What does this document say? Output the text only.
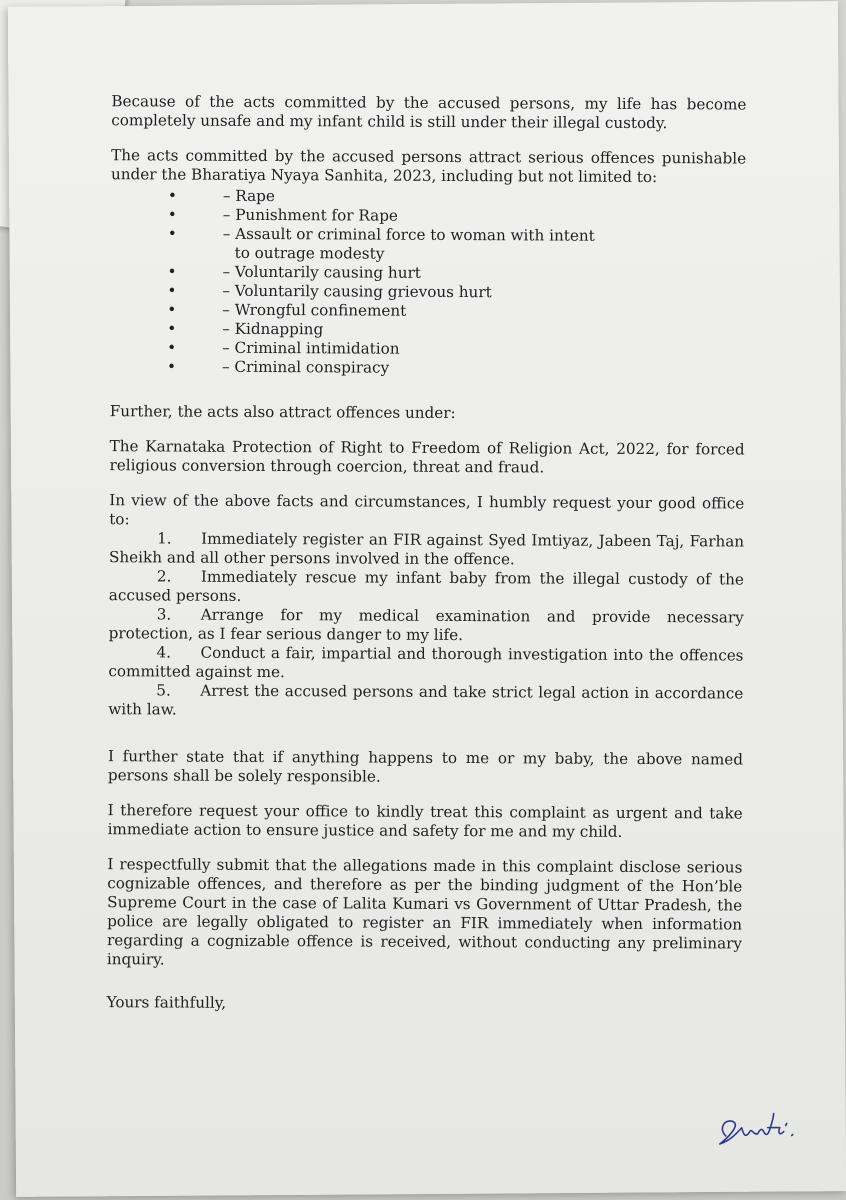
Because of the acts committed by the accused persons, my life has become completely unsafe and my infant child is still under their illegal custody.

The acts committed by the accused persons attract serious offences punishable under the Bharatiya Nyaya Sanhita, 2023, including but not limited to:

•	– Rape
•	– Punishment for Rape
•	– Assault or criminal force to woman with intent
to outrage modesty
•	– Voluntarily causing hurt
•	– Voluntarily causing grievous hurt
•	– Wrongful confinement
•	– Kidnapping
•	– Criminal intimidation
•	– Criminal conspiracy

Further, the acts also attract offences under:

The Karnataka Protection of Right to Freedom of Religion Act, 2022, for forced religious conversion through coercion, threat and fraud.

In view of the above facts and circumstances, I humbly request your good office to:

1. Immediately register an FIR against Syed Imtiyaz, Jabeen Taj, Farhan Sheikh and all other persons involved in the offence.
2. Immediately rescue my infant baby from the illegal custody of the accused persons.
3. Arrange for my medical examination and provide necessary protection, as I fear serious danger to my life.
4. Conduct a fair, impartial and thorough investigation into the offences committed against me.
5. Arrest the accused persons and take strict legal action in accordance with law.

I further state that if anything happens to me or my baby, the above named persons shall be solely responsible.

I therefore request your office to kindly treat this complaint as urgent and take immediate action to ensure justice and safety for me and my child.

I respectfully submit that the allegations made in this complaint disclose serious cognizable offences, and therefore as per the binding judgment of the Hon’ble Supreme Court in the case of Lalita Kumari vs Government of Uttar Pradesh, the police are legally obligated to register an FIR immediately when information regarding a cognizable offence is received, without conducting any preliminary inquiry.

Yours faithfully,
